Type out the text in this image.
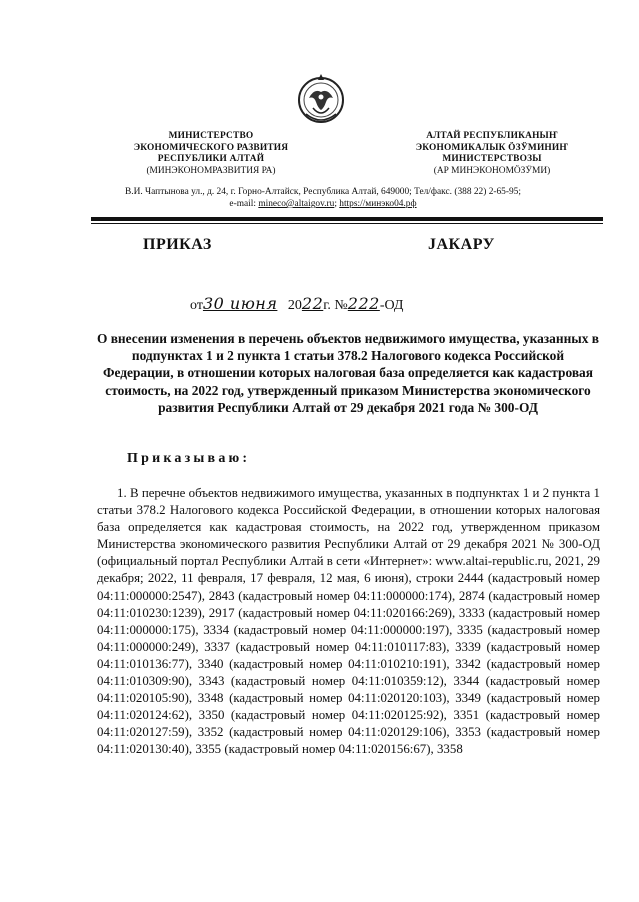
МИНИСТЕРСТВО
ЭКОНОМИЧЕСКОГО РАЗВИТИЯ
РЕСПУБЛИКИ АЛТАЙ
(МИНЭКОНОМРАЗВИТИЯ РА)
АЛТАЙ РЕСПУБЛИКАНЫҤ
ЭКОНОМИКАЛЫК ӦЗӰМИНИҤ
МИНИСТЕРСТВОЗЫ
(АР МИНЭКОНОМӦЗӰМИ)
В.И. Чаптынова ул., д. 24, г. Горно-Алтайск, Республика Алтай, 649000; Тел/факс. (388 22) 2-65-95;
e-mail: mineco@altaigov.ru; https://минэко04.рф
ПРИКАЗ	JАКАРУ
от30 июня 2022г. №222-ОД
О внесении изменения в перечень объектов недвижимого имущества, указанных в подпунктах 1 и 2 пункта 1 статьи 378.2 Налогового кодекса Российской Федерации, в отношении которых налоговая база определяется как кадастровая стоимость, на 2022 год, утвержденный приказом Министерства экономического развития Республики Алтай от 29 декабря 2021 года № 300-ОД
Приказываю:
1. В перечне объектов недвижимого имущества, указанных в подпунктах 1 и 2 пункта 1 статьи 378.2 Налогового кодекса Российской Федерации, в отношении которых налоговая база определяется как кадастровая стоимость, на 2022 год, утвержденном приказом Министерства экономического развития Республики Алтай от 29 декабря 2021 № 300-ОД (официальный портал Республики Алтай в сети «Интернет»: www.altai-republic.ru, 2021, 29 декабря; 2022, 11 февраля, 17 февраля, 12 мая, 6 июня), строки 2444 (кадастровый номер 04:11:000000:2547), 2843 (кадастровый номер 04:11:000000:174), 2874 (кадастровый номер 04:11:010230:1239), 2917 (кадастровый номер 04:11:020166:269), 3333 (кадастровый номер 04:11:000000:175), 3334 (кадастровый номер 04:11:000000:197), 3335 (кадастровый номер 04:11:000000:249), 3337 (кадастровый номер 04:11:010117:83), 3339 (кадастровый номер 04:11:010136:77), 3340 (кадастровый номер 04:11:010210:191), 3342 (кадастровый номер 04:11:010309:90), 3343 (кадастровый номер 04:11:010359:12), 3344 (кадастровый номер 04:11:020105:90), 3348 (кадастровый номер 04:11:020120:103), 3349 (кадастровый номер 04:11:020124:62), 3350 (кадастровый номер 04:11:020125:92), 3351 (кадастровый номер 04:11:020127:59), 3352 (кадастровый номер 04:11:020129:106), 3353 (кадастровый номер 04:11:020130:40), 3355 (кадастровый номер 04:11:020156:67), 3358
